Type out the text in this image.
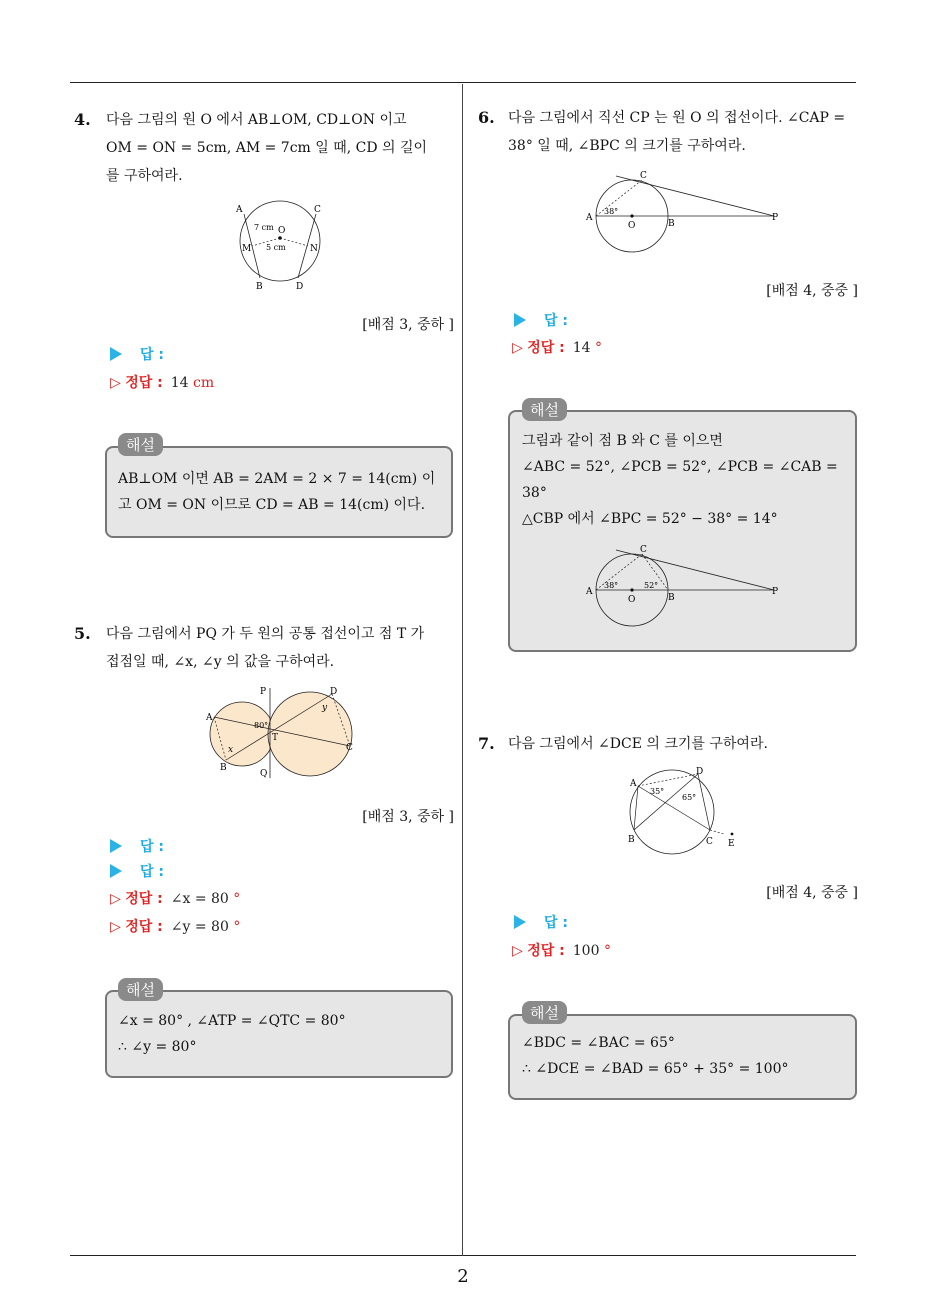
2
4. 다음 그림의 원 O 에서 AB⊥OM, CD⊥ON 이고
OM = ON = 5cm, AM = 7cm 일 때, CD 의 길이
를 구하여라.
A	C
O
M	N
B	D
7 cm
5 cm
[배점 3, 중하 ]
답 :
▷ 정답 : 14 cm
해설
AB⊥OM 이면 AB = 2AM = 2 × 7 = 14(cm) 이
고 OM = ON 이므로 CD = AB = 14(cm) 이다.
5. 다음 그림에서 PQ 가 두 원의 공통 접선이고 점 T 가
접점일 때, ∠x, ∠y 의 값을 구하여라.
P
Q
A
B
D
C
T
80°
x
y
[배점 3, 중하 ]
답 :
답 :
▷ 정답 : ∠x = 80 °
▷ 정답 : ∠y = 80 °
해설
∠x = 80° , ∠ATP = ∠QTC = 80°
∴ ∠y = 80°
6. 다음 그림에서 직선 CP 는 원 O 의 접선이다. ∠CAP =
38° 일 때, ∠BPC 의 크기를 구하여라.
C
A
O	B
P
38°
[배점 4, 중중 ]
답 :
▷ 정답 : 14 °
해설
그림과 같이 점 B 와 C 를 이으면
∠ABC = 52°, ∠PCB = 52°, ∠PCB = ∠CAB =
38°
△CBP 에서 ∠BPC = 52° − 38° = 14°
C
A
O	B
P
38°	52°
7. 다음 그림에서 ∠DCE 의 크기를 구하여라.
A
D
B	C E
35°
65°
[배점 4, 중중 ]
답 :
▷ 정답 : 100 °
해설
∠BDC = ∠BAC = 65°
∴ ∠DCE = ∠BAD = 65° + 35° = 100°
